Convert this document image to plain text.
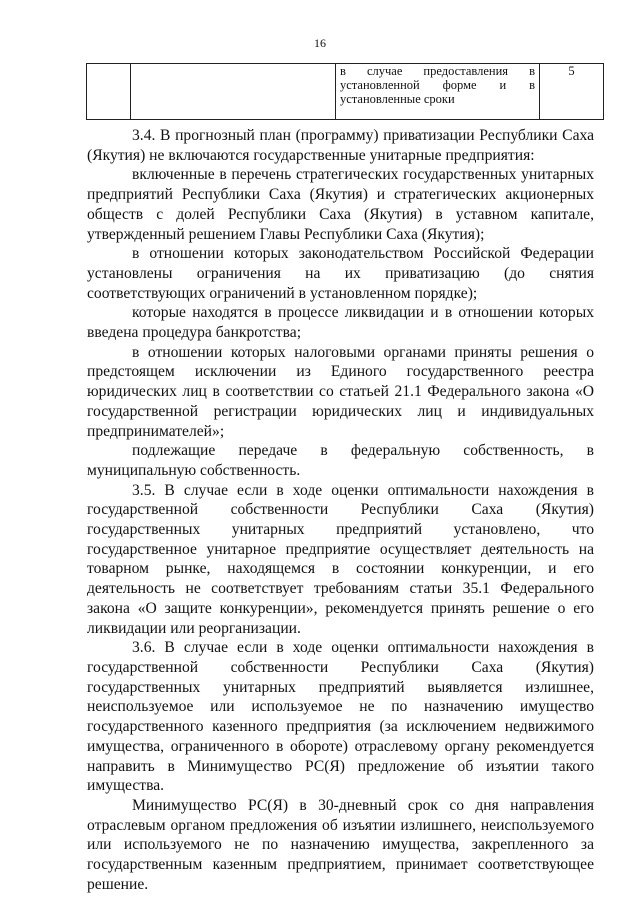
16
		в случае предоставления в установленной форме и в установленные сроки	5

3.4. В прогнозный план (программу) приватизации Республики Саха (Якутия) не включаются государственные унитарные предприятия:

включенные в перечень стратегических государственных унитарных предприятий Республики Саха (Якутия) и стратегических акционерных обществ с долей Республики Саха (Якутия) в уставном капитале, утвержденный решением Главы Республики Саха (Якутия);

в отношении которых законодательством Российской Федерации установлены ограничения на их приватизацию (до снятия соответствующих ограничений в установленном порядке);

которые находятся в процессе ликвидации и в отношении которых введена процедура банкротства;

в отношении которых налоговыми органами приняты решения о предстоящем исключении из Единого государственного реестра юридических лиц в соответствии со статьей 21.1 Федерального закона «О государственной регистрации юридических лиц и индивидуальных предпринимателей»;

подлежащие передаче в федеральную собственность, в муниципальную собственность.

3.5. В случае если в ходе оценки оптимальности нахождения в государственной собственности Республики Саха (Якутия) государственных унитарных предприятий установлено, что государственное унитарное предприятие осуществляет деятельность на товарном рынке, находящемся в состоянии конкуренции, и его деятельность не соответствует требованиям статьи 35.1 Федерального закона «О защите конкуренции», рекомендуется принять решение о его ликвидации или реорганизации.

3.6. В случае если в ходе оценки оптимальности нахождения в государственной собственности Республики Саха (Якутия) государственных унитарных предприятий выявляется излишнее, неиспользуемое или используемое не по назначению имущество государственного казенного предприятия (за исключением недвижимого имущества, ограниченного в обороте) отраслевому органу рекомендуется направить в Минимущество РС(Я) предложение об изъятии такого имущества.

Минимущество РС(Я) в 30-дневный срок со дня направления отраслевым органом предложения об изъятии излишнего, неиспользуемого или используемого не по назначению имущества, закрепленного за государственным казенным предприятием, принимает соответствующее решение.
